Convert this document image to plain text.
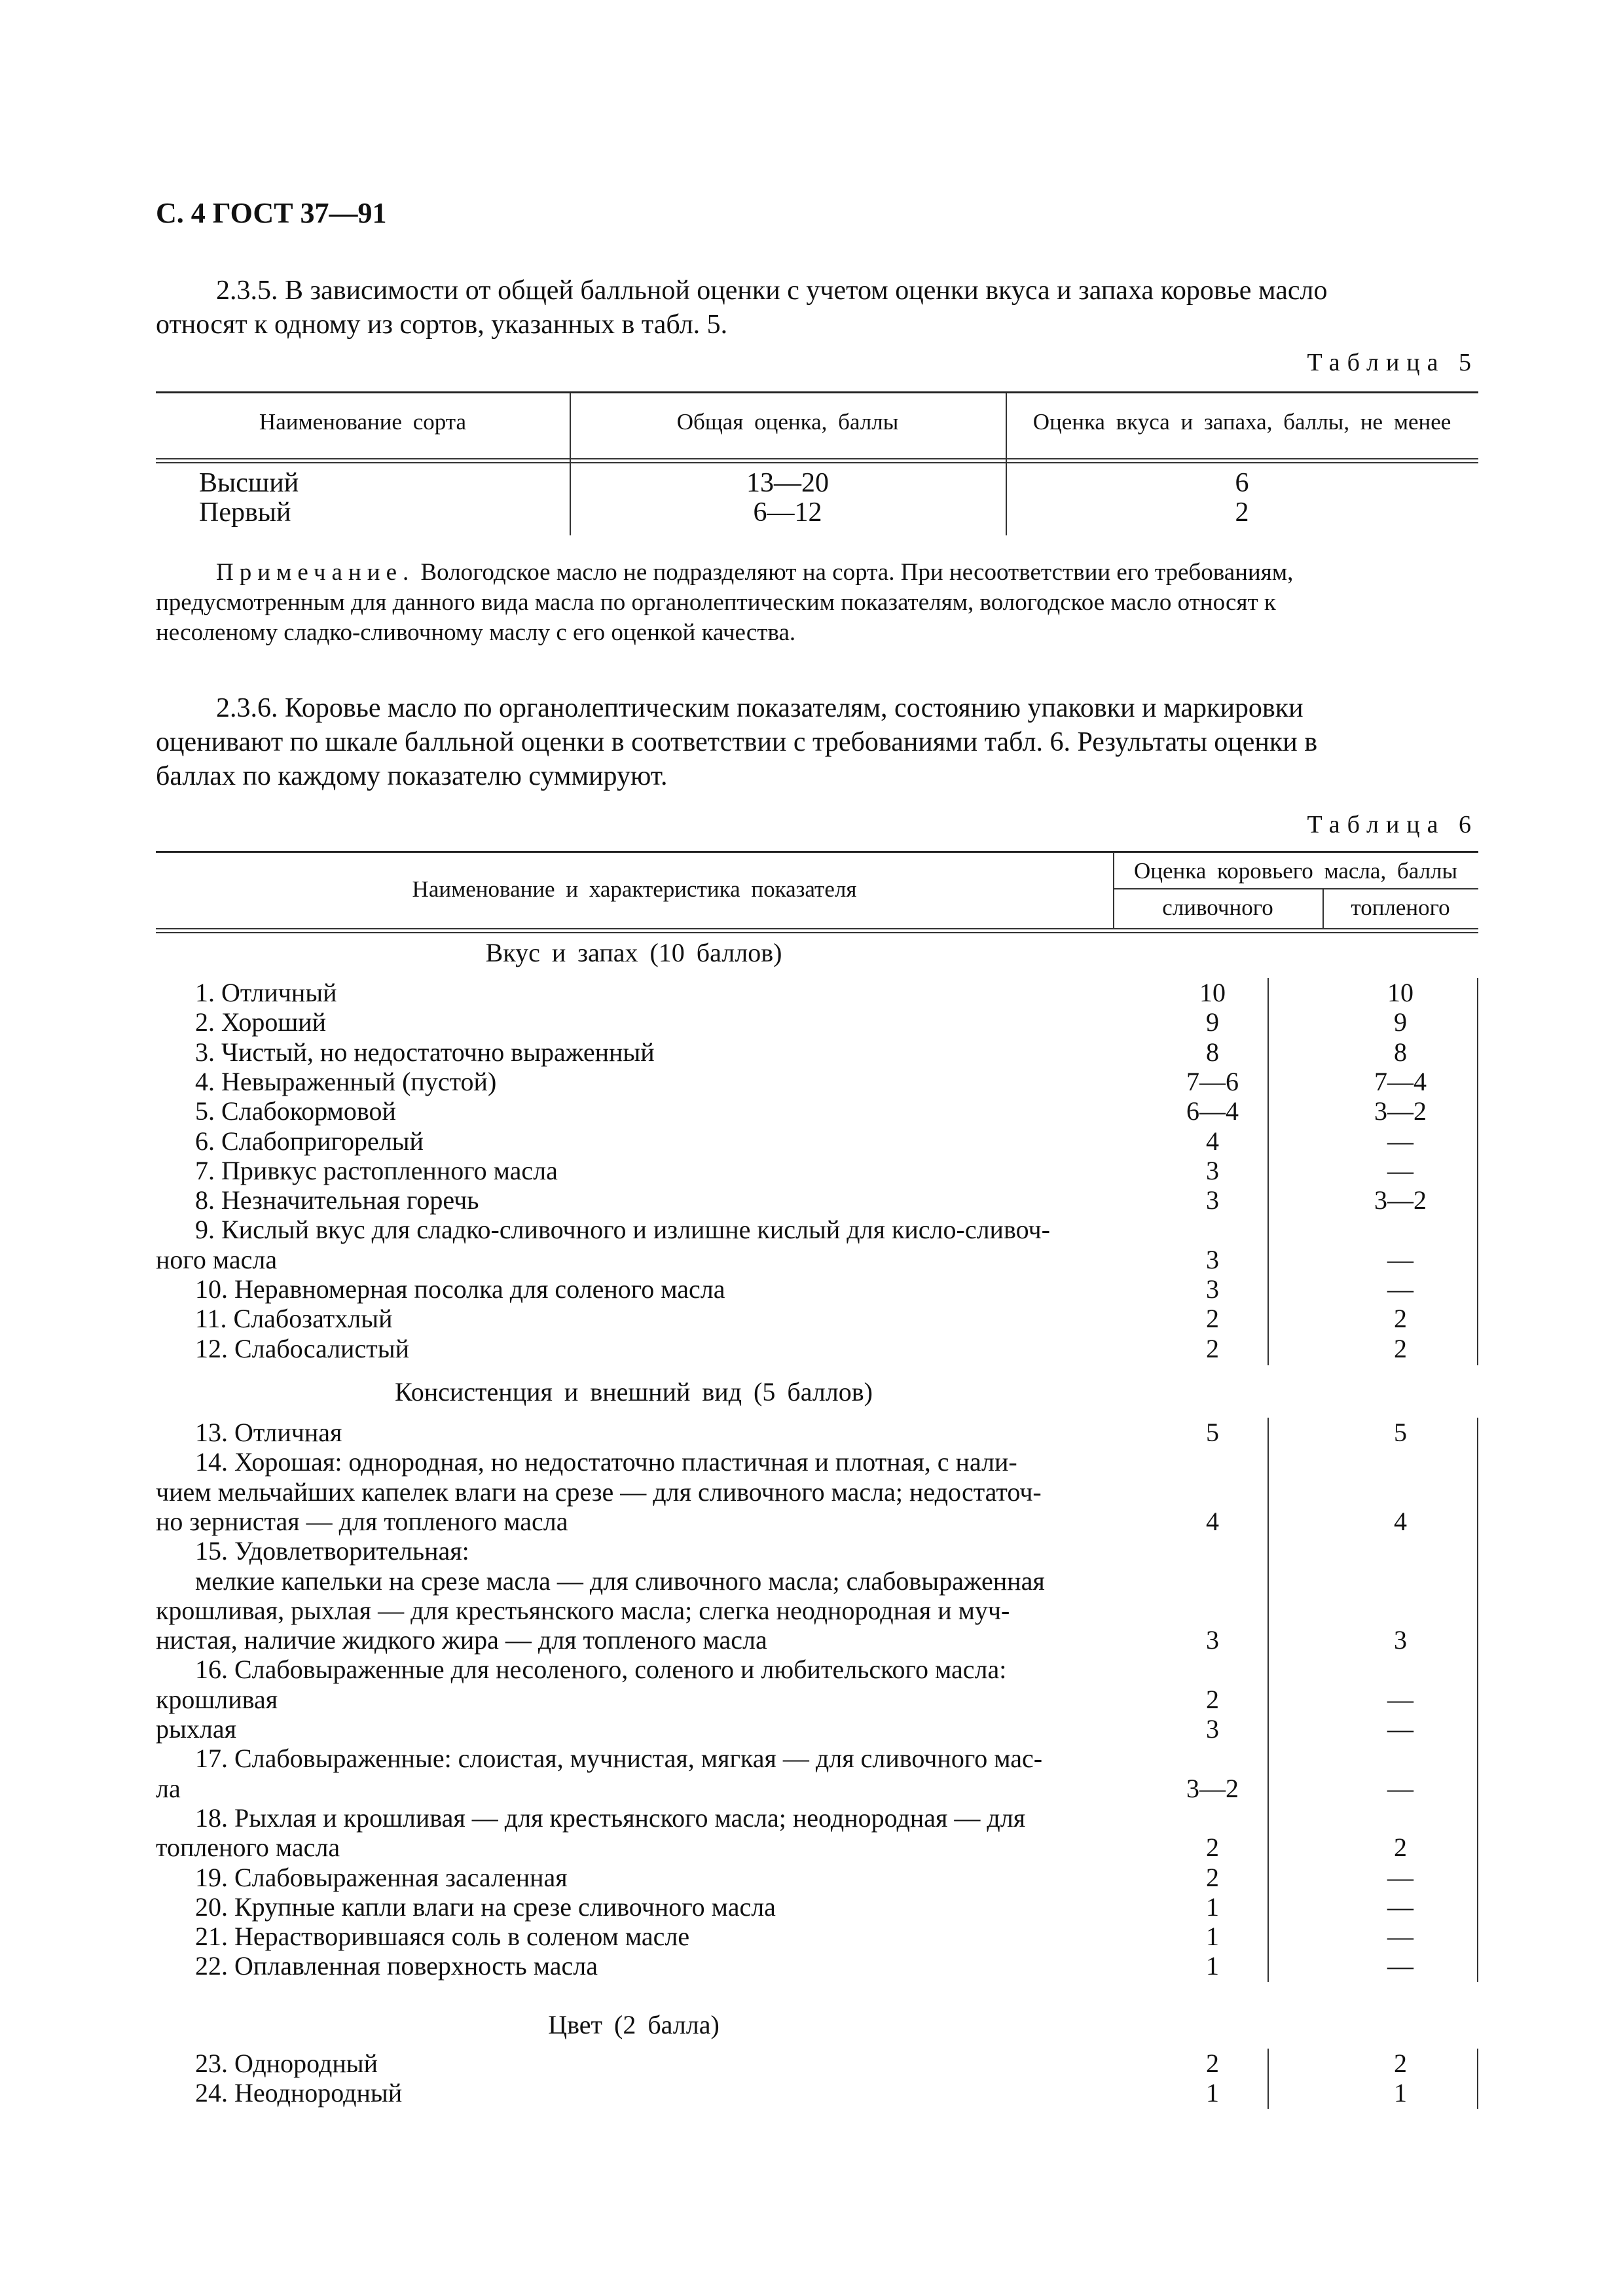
С. 4 ГОСТ 37—91
2.3.5. В зависимости от общей балльной оценки с учетом оценки вкуса и запаха коровье масло
относят к одному из сортов, указанных в табл. 5.
Таблица 5
Наименование сорта	Общая оценка, баллы	Оценка вкуса и запаха, баллы, не менее
Высший	13—20	6
Первый	6—12	2
Примечание. Вологодское масло не подразделяют на сорта. При несоответствии его требованиям,
предусмотренным для данного вида масла по органолептическим показателям, вологодское масло относят к
несоленому сладко-сливочному маслу с его оценкой качества.
2.3.6. Коровье масло по органолептическим показателям, состоянию упаковки и маркировки
оценивают по шкале балльной оценки в соответствии с требованиями табл. 6. Результаты оценки в
баллах по каждому показателю суммируют.
Таблица 6
Наименование и характеристика показателя
Оценка коровьего масла, баллы
сливочного	топленого
Вкус и запах (10 баллов)
1. Отличный	10	10
2. Хороший	9	9
3. Чистый, но недостаточно выраженный	8	8
4. Невыраженный (пустой)	7—6	7—4
5. Слабокормовой	6—4	3—2
6. Слабопригорелый	4	—
7. Привкус растопленного масла	3	—
8. Незначительная горечь	3	3—2
9. Кислый вкус для сладко-сливочного и излишне кислый для кисло-сливоч-
ного масла	3	—
10. Неравномерная посолка для соленого масла	3	—
11. Слабозатхлый	2	2
12. Слабосалистый	2	2
Консистенция и внешний вид (5 баллов)
13. Отличная	5	5
14. Хорошая: однородная, но недостаточно пластичная и плотная, с нали-
чием мельчайших капелек влаги на срезе — для сливочного масла; недостаточ-
но зернистая — для топленого масла	4	4
15. Удовлетворительная:
мелкие капельки на срезе масла — для сливочного масла; слабовыраженная
крошливая, рыхлая — для крестьянского масла; слегка неоднородная и муч-
нистая, наличие жидкого жира — для топленого масла	3	3
16. Слабовыраженные для несоленого, соленого и любительского масла:
крошливая	2	—
рыхлая	3	—
17. Слабовыраженные: слоистая, мучнистая, мягкая — для сливочного мас-
ла	3—2	—
18. Рыхлая и крошливая — для крестьянского масла; неоднородная — для
топленого масла	2	2
19. Слабовыраженная засаленная	2	—
20. Крупные капли влаги на срезе сливочного масла	1	—
21. Нерастворившаяся соль в соленом масле	1	—
22. Оплавленная поверхность масла	1	—
Цвет (2 балла)
23. Однородный	2	2
24. Неоднородный	1	1
